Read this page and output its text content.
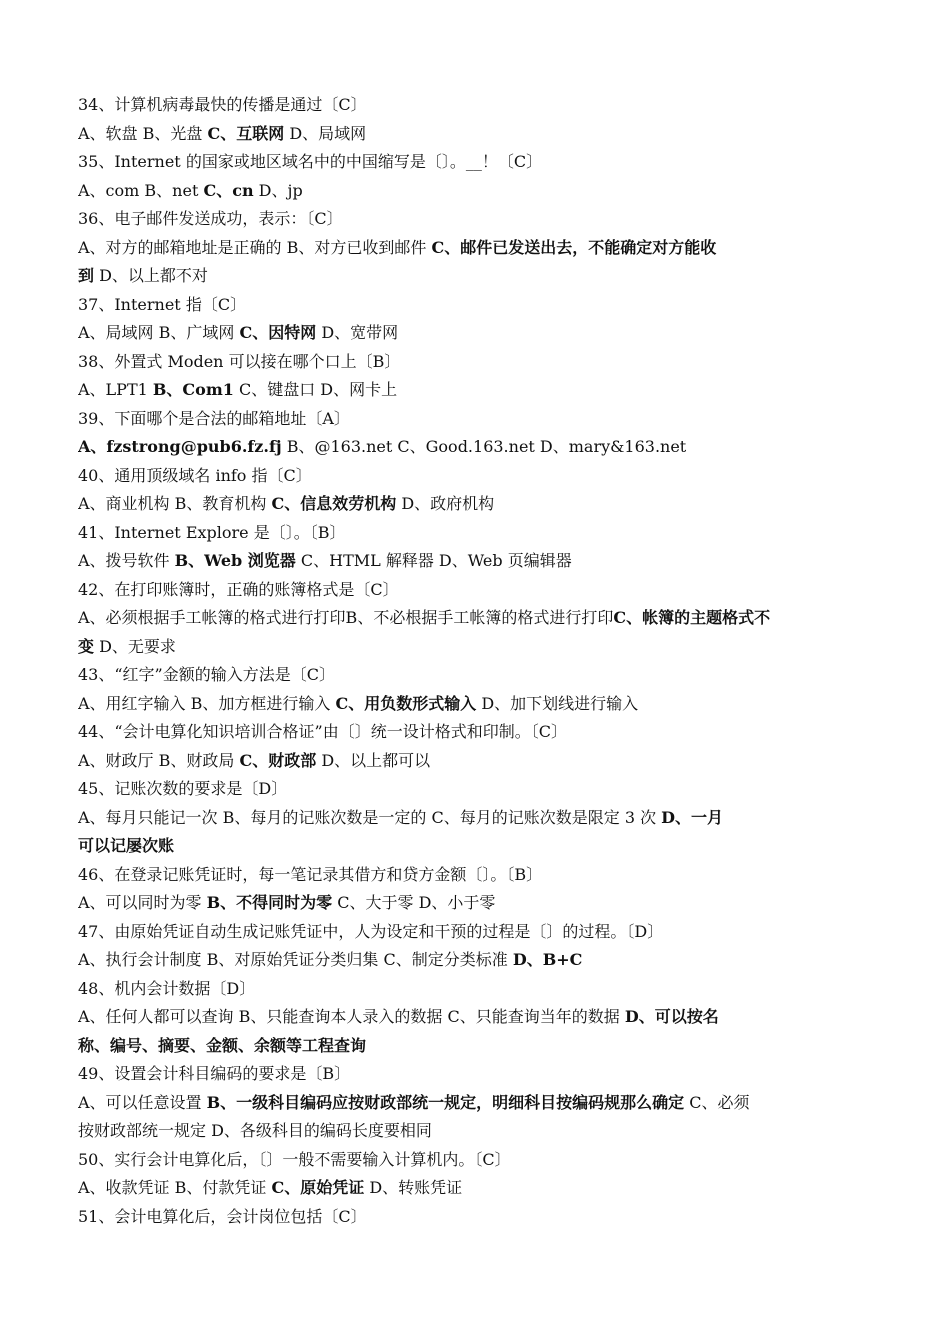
34、计算机病毒最快的传播是通过〔C〕
A、软盘 B、光盘 C、互联网 D、局域网
35、Internet 的国家或地区域名中的中国缩写是〔〕。__！〔C〕
A、com B、net C、cn D、jp
36、电子邮件发送成功，表示：〔C〕
A、对方的邮箱地址是正确的 B、对方已收到邮件 C、邮件已发送出去，不能确定对方能收
到 D、以上都不对
37、Internet 指〔C〕
A、局域网 B、广域网 C、因特网 D、宽带网
38、外置式 Moden 可以接在哪个口上〔B〕
A、LPT1 B、Com1 C、键盘口 D、网卡上
39、下面哪个是合法的邮箱地址〔A〕
A、fzstrong@pub6.fz.fj B、@163.net C、Good.163.net D、mary&163.net
40、通用顶级域名 info 指〔C〕
A、商业机构 B、教育机构 C、信息效劳机构 D、政府机构
41、Internet Explore 是〔〕。〔B〕
A、拨号软件 B、Web 浏览器 C、HTML 解释器 D、Web 页编辑器
42、在打印账簿时，正确的账簿格式是〔C〕
A、必须根据手工帐簿的格式进行打印B、不必根据手工帐簿的格式进行打印C、帐簿的主题格式不
变 D、无要求
43、“红字”金额的输入方法是〔C〕
A、用红字输入 B、加方框进行输入 C、用负数形式输入 D、加下划线进行输入
44、“会计电算化知识培训合格证”由〔〕统一设计格式和印制。〔C〕
A、财政厅 B、财政局 C、财政部 D、以上都可以
45、记账次数的要求是〔D〕
A、每月只能记一次 B、每月的记账次数是一定的 C、每月的记账次数是限定 3 次 D、一月
可以记屡次账
46、在登录记账凭证时，每一笔记录其借方和贷方金额〔〕。〔B〕
A、可以同时为零 B、不得同时为零 C、大于零 D、小于零
47、由原始凭证自动生成记账凭证中，人为设定和干预的过程是〔〕的过程。〔D〕
A、执行会计制度 B、对原始凭证分类归集 C、制定分类标准 D、B+C
48、机内会计数据〔D〕
A、任何人都可以查询 B、只能查询本人录入的数据 C、只能查询当年的数据 D、可以按名
称、编号、摘要、金额、余额等工程查询
49、设置会计科目编码的要求是〔B〕
A、可以任意设置 B、一级科目编码应按财政部统一规定，明细科目按编码规那么确定 C、必须
按财政部统一规定 D、各级科目的编码长度要相同
50、实行会计电算化后，〔〕一般不需要输入计算机内。〔C〕
A、收款凭证 B、付款凭证 C、原始凭证 D、转账凭证
51、会计电算化后，会计岗位包括〔C〕
